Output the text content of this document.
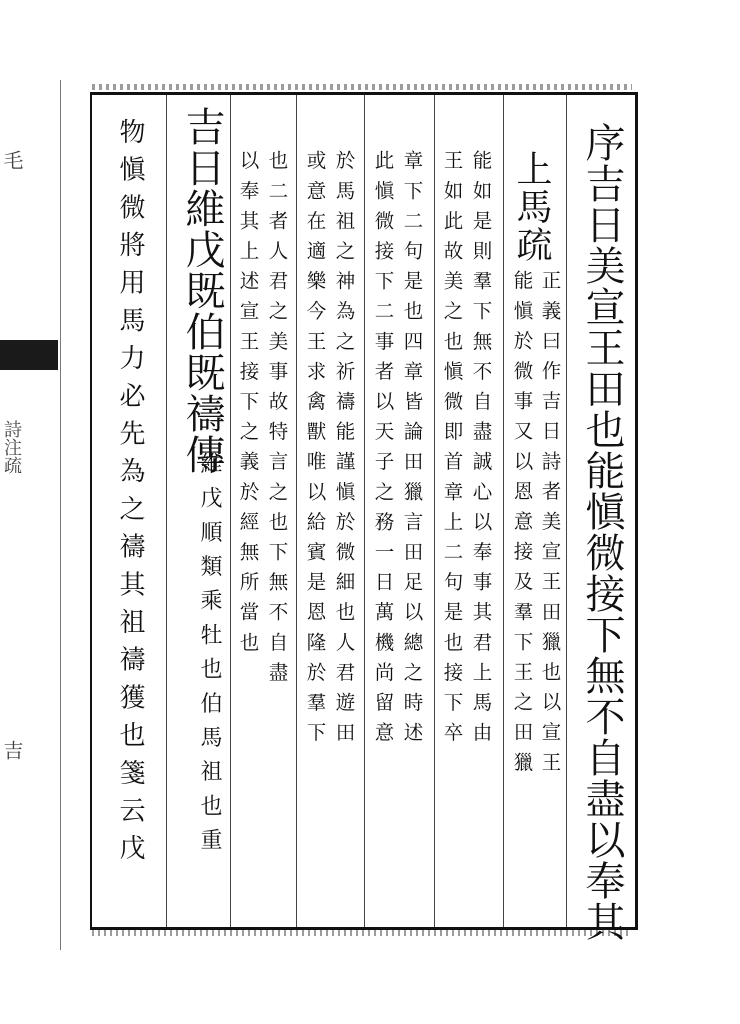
毛
詩注疏
吉	序吉日美宣王田也能愼微接下無不自盡以奉其
上馬疏
正義曰作吉日詩者美宣王田獵也以宣王
能愼於微事又以恩意接及羣下王之田獵
能如是則羣下無不自盡誠心以奉事其君上馬由
王如此故美之也愼微即首章上二句是也接下卒
章下二句是也四章皆論田獵言田足以總之時述
此愼微接下二事者以天子之務一日萬機尚留意
於馬祖之神為之祈禱能謹愼於微細也人君遊田
或意在適樂今王求禽獸唯以給賓是恩隆於羣下
也二者人君之美事故特言之也下無不自盡
以奉其上述宣王接下之義於經無所當也
吉日維戊既伯既禱傳
維戊順類乘牡也伯馬祖也重
物愼微將用馬力必先為之禱其祖禱獲也箋云戊
